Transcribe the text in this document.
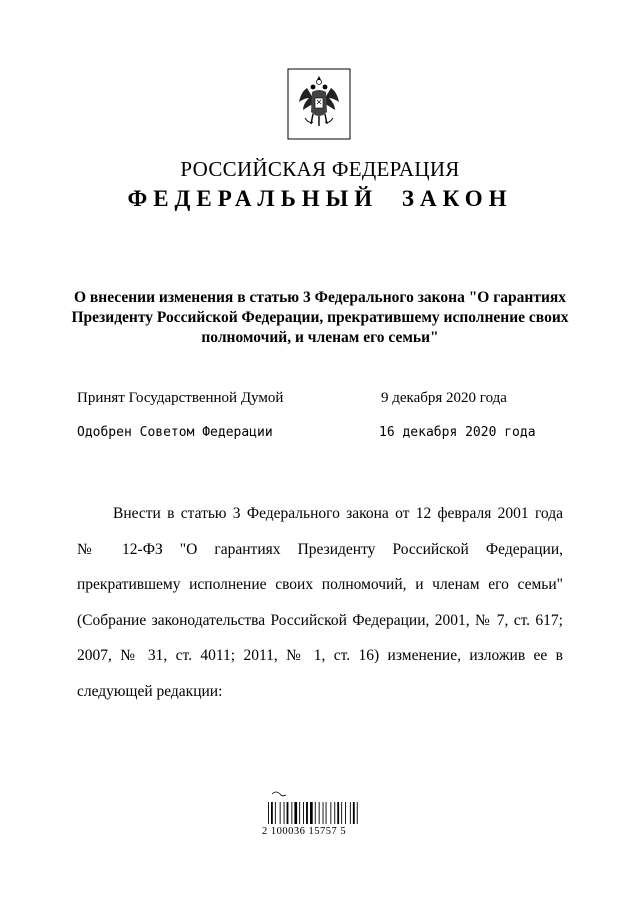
РОССИЙСКАЯ ФЕДЕРАЦИЯ
ФЕДЕРАЛЬНЫЙ ЗАКОН
О внесении изменения в статью 3 Федерального закона "О гарантиях Президенту Российской Федерации, прекратившему исполнение своих полномочий, и членам его семьи"
Принят Государственной Думой	9 декабря 2020 года
Одобрен Советом Федерации	16 декабря 2020 года
Внести в статью 3 Федерального закона от 12 февраля 2001 года
№ 12-ФЗ "О гарантиях Президенту Российской Федерации,
прекратившему исполнение своих полномочий, и членам его семьи"
(Собрание законодательства Российской Федерации, 2001, № 7, ст. 617;
2007, № 31, ст. 4011; 2011, № 1, ст. 16) изменение, изложив ее в
следующей редакции:
2 100036 15757 5
